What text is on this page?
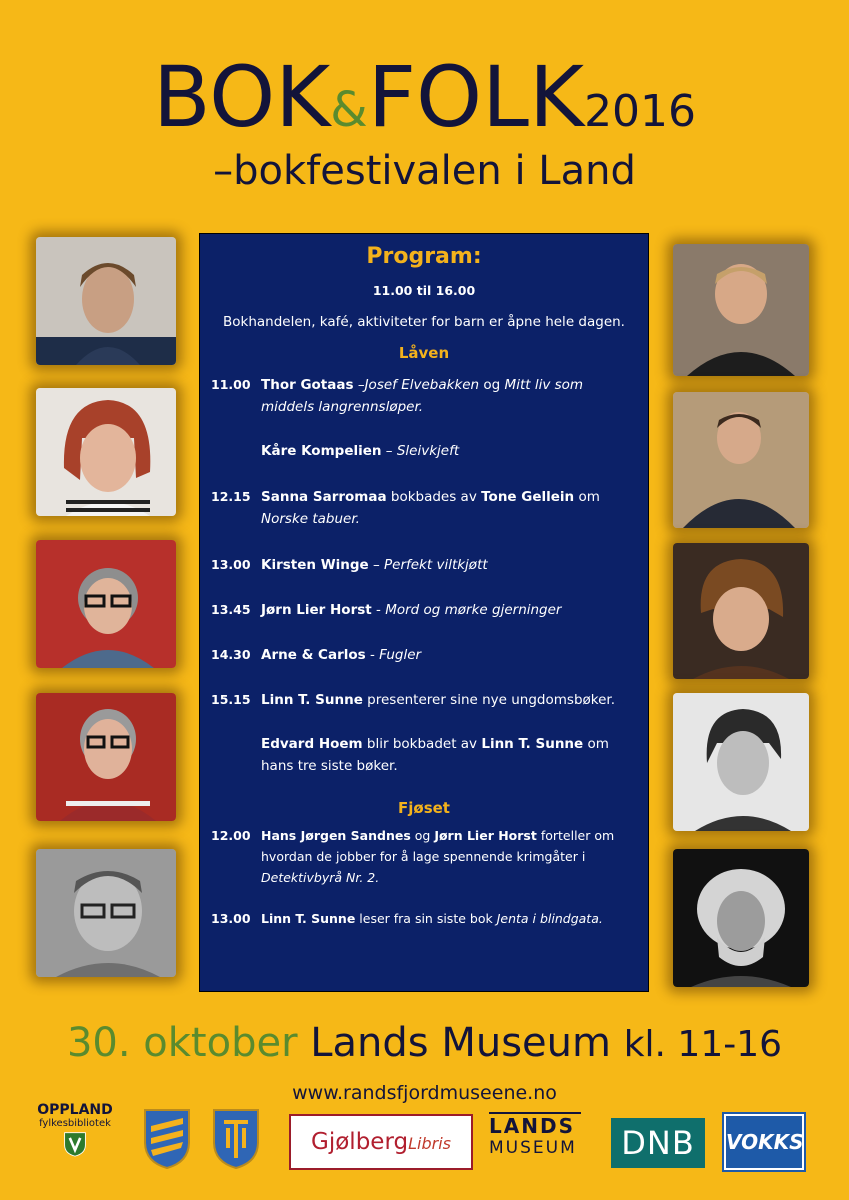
BOK&FOLK2016
–bokfestivalen i Land
Program:
11.00 til 16.00
Bokhandelen, kafé, aktiviteter for barn er åpne hele dagen.
Låven
11.00 Thor Gotaas –Josef Elvebakken og Mitt liv som middels langrennsløper.
Kåre Kompelien – Sleivkjeft
12.15 Sanna Sarromaa bokbades av Tone Gellein om Norske tabuer.
13.00 Kirsten Winge – Perfekt viltkjøtt
13.45 Jørn Lier Horst - Mord og mørke gjerninger
14.30 Arne & Carlos - Fugler
15.15 Linn T. Sunne presenterer sine nye ungdomsbøker.
Edvard Hoem blir bokbadet av Linn T. Sunne om hans tre siste bøker.
Fjøset
12.00 Hans Jørgen Sandnes og Jørn Lier Horst forteller om hvordan de jobber for å lage spennende krimgåter i Detektivbyrå Nr. 2.
13.00 Linn T. Sunne leser fra sin siste bok Jenta i blindgata.
30. oktober Lands Museum kl. 11-16
www.randsfjordmuseene.no
OPPLAND
fylkesbibliotek
GjølbergLibris
LANDS
MUSEUM	DNB	VOKKS
